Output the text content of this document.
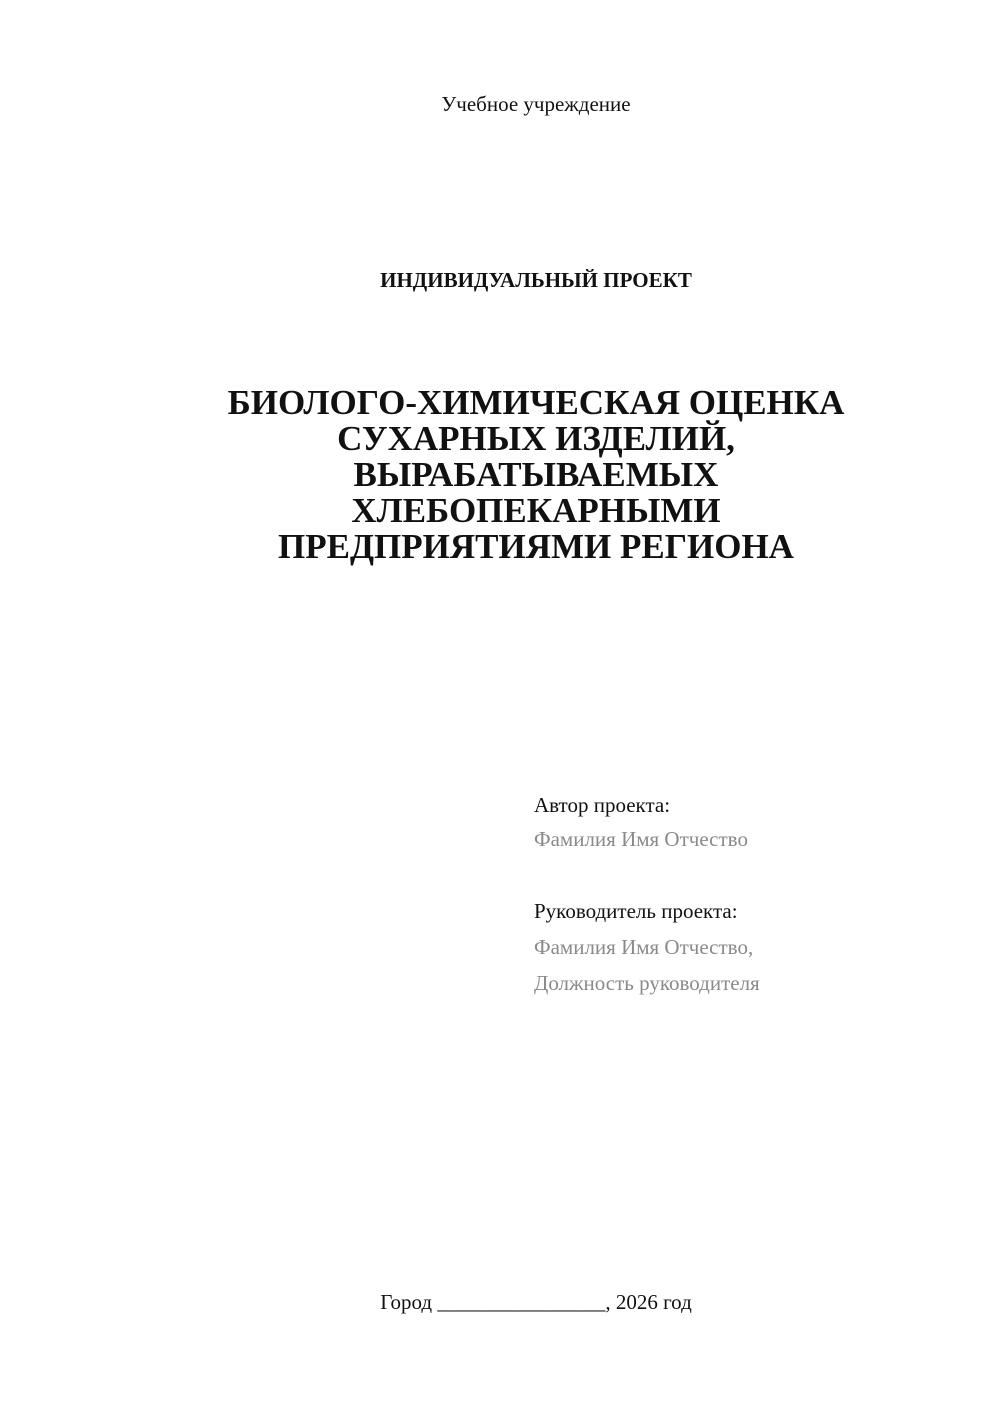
Учебное учреждение
ИНДИВИДУАЛЬНЫЙ ПРОЕКТ
БИОЛОГО-ХИМИЧЕСКАЯ ОЦЕНКА
СУХАРНЫХ ИЗДЕЛИЙ,
ВЫРАБАТЫВАЕМЫХ
ХЛЕБОПЕКАРНЫМИ
ПРЕДПРИЯТИЯМИ РЕГИОНА
Автор проекта:
Фамилия Имя Отчество
Руководитель проекта:
Фамилия Имя Отчество,
Должность руководителя
Город ________________, 2026 год
